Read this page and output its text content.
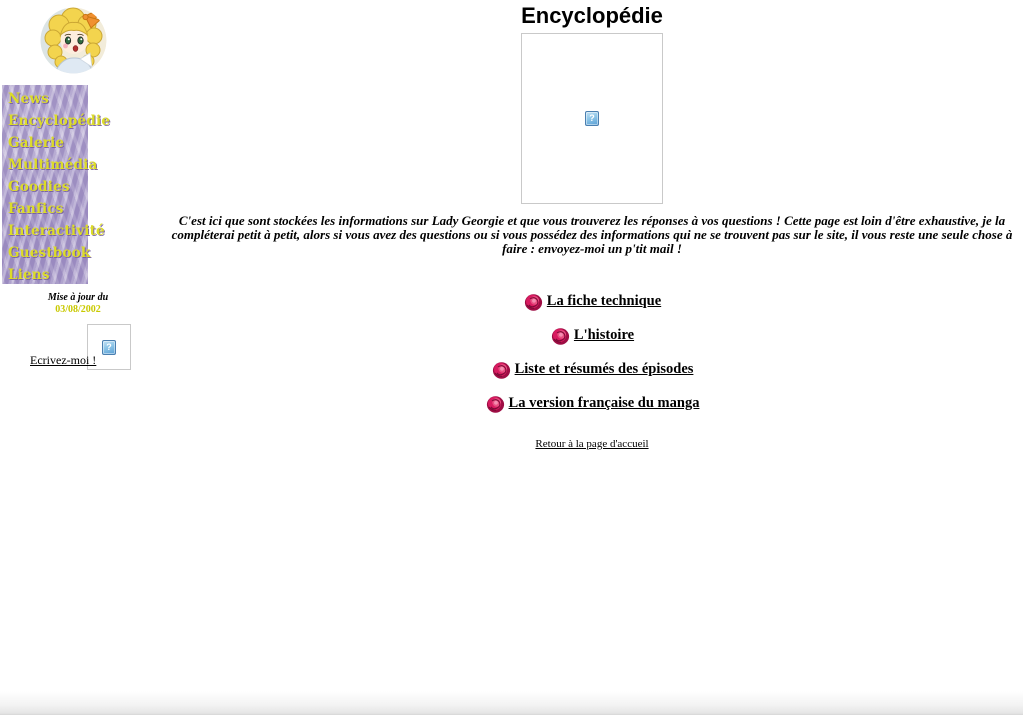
News
Encyclopédie
Galerie
Multimédia
Goodies
Fanfics
Interactivité
Guestbook
Liens
Mise à jour du
03/08/2002
?
Ecrivez-moi !
Encyclopédie
?

C'est ici que sont stockées les informations sur Lady Georgie et que vous trouverez les réponses à vos questions ! Cette page est loin d'être exhaustive, je la compléterai petit à petit, alors si vous avez des questions ou si vous possédez des informations qui ne se trouvent pas sur le site, il vous reste une seule chose à faire : envoyez-moi un p'tit mail !

La fiche technique
L'histoire
Liste et résumés des épisodes
La version française du manga
Retour à la page d'accueil
